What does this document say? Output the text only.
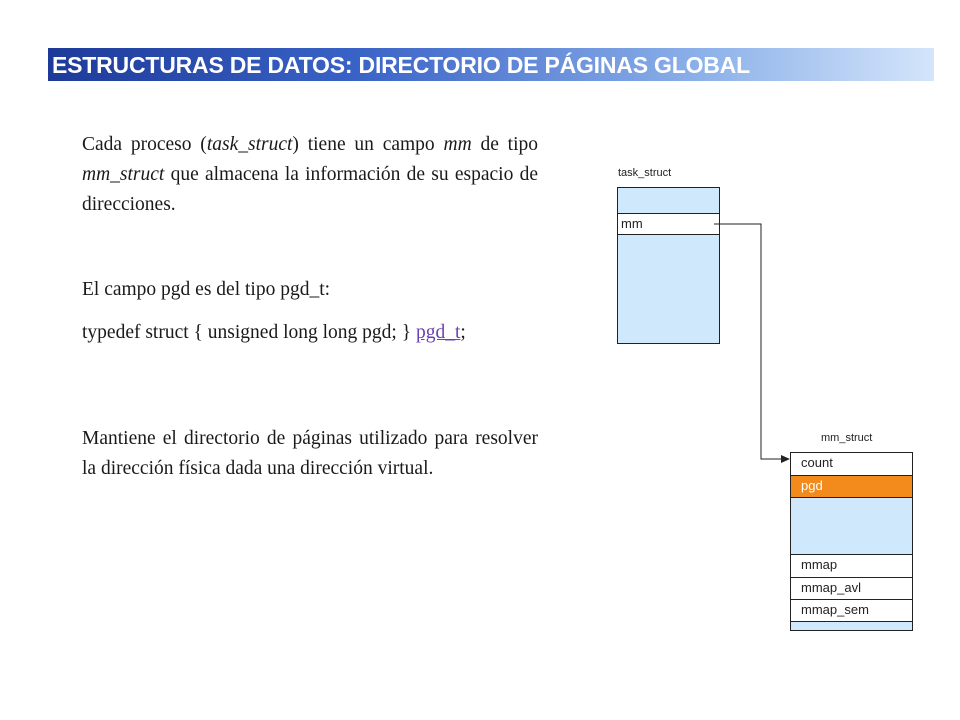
ESTRUCTURAS DE DATOS: DIRECTORIO DE PÁGINAS GLOBAL
Cada proceso (task_struct) tiene un campo mm de tipo mm_struct que almacena la información de su espacio de direcciones.
El campo pgd es del tipo pgd_t:
typedef struct { unsigned long long pgd; } pgd_t;
Mantiene el directorio de páginas utilizado para resolver la dirección física dada una dirección virtual.
task_struct
mm
mm_struct
count
pgd
mmap
mmap_avl
mmap_sem
